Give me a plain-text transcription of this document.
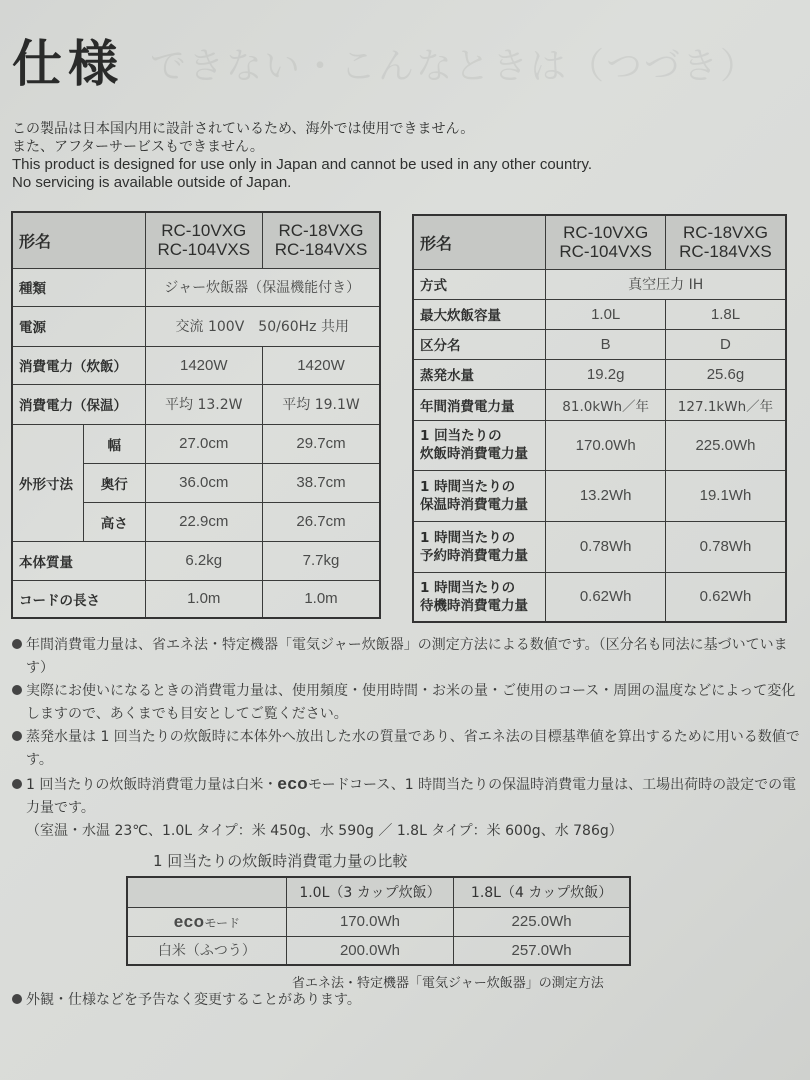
できない・こんなときは（つづき）
仕様
この製品は日本国内用に設計されているため、海外では使用できません。
また、アフターサービスもできません。
This product is designed for use only in Japan and cannot be used in any other country.
No servicing is available outside of Japan.
形名	
RC-10VXG
RC-104VXS

RC-18VXG
RC-184VXS

種類		ジャー炊飯器（保温機能付き）	
電源		交流 100V　50/60Hz 共用	
消費電力（炊飯）		1420W	1420W
消費電力（保温）		平均 13.2W	平均 19.1W
外形寸法	幅	27.0cm	29.7cm
	奥行	36.0cm	38.7cm
	高さ	22.9cm	26.7cm
本体質量		6.2kg	7.7kg
コードの長さ		1.0m	1.0m
形名	
RC-10VXG
RC-104VXS

RC-18VXG
RC-184VXS

方式	真空圧力 IH	
最大炊飯容量	1.0L	1.8L
区分名	B	D
蒸発水量	19.2g	25.6g
年間消費電力量	81.0kWh／年	127.1kWh／年

1 回当たりの
炊飯時消費電力量	170.0Wh	225.0Wh

1 時間当たりの
保温時消費電力量	13.2Wh	19.1Wh

1 時間当たりの
予約時消費電力量	0.78Wh	0.78Wh

1 時間当たりの
待機時消費電力量	0.62Wh	0.62Wh
年間消費電力量は、省エネ法・特定機器「電気ジャー炊飯器」の測定方法による数値です。（区分名も同法に基づいています）
実際にお使いになるときの消費電力量は、使用頻度・使用時間・お米の量・ご使用のコース・周囲の温度などによって変化しますので、あくまでも目安としてご覧ください。
蒸発水量は 1 回当たりの炊飯時に本体外へ放出した水の質量であり、省エネ法の目標基準値を算出するために用いる数値です。
1 回当たりの炊飯時消費電力量は白米・ecoモードコース、1 時間当たりの保温時消費電力量は、工場出荷時の設定での電力量です。
（室温・水温 23℃、1.0L タイプ：米 450g、水 590g ／ 1.8L タイプ：米 600g、水 786g）
1 回当たりの炊飯時消費電力量の比較
	1.0L（3 カップ炊飯）	1.8L（4 カップ炊飯）
ecoモード	170.0Wh	225.0Wh
白米（ふつう）	200.0Wh	257.0Wh
省エネ法・特定機器「電気ジャー炊飯器」の測定方法
外観・仕様などを予告なく変更することがあります。
